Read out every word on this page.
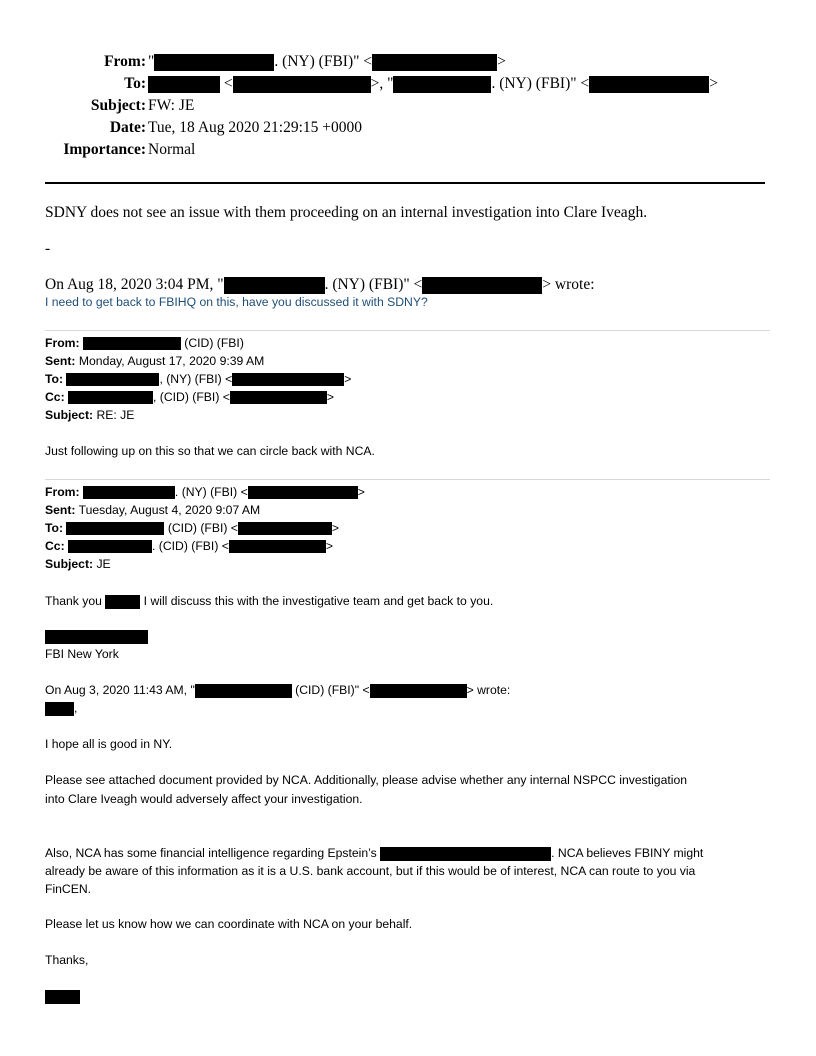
From: "	. (NY) (FBI)" <	>
To:	<	>, "	. (NY) (FBI)" <	>
Subject: FW: JE
Date: Tue, 18 Aug 2020 21:29:15 +0000
Importance: Normal
SDNY does not see an issue with them proceeding on an internal investigation into Clare Iveagh.
-
On Aug 18, 2020 3:04 PM, "	. (NY) (FBI)" <	> wrote:
I need to get back to FBIHQ on this, have you discussed it with SDNY?
From:	(CID) (FBI)
Sent: Monday, August 17, 2020 9:39 AM
To:	, (NY) (FBI) <	>
Cc:	, (CID) (FBI) <	>
Subject: RE: JE
Just following up on this so that we can circle back with NCA.
From:	. (NY) (FBI) <	>
Sent: Tuesday, August 4, 2020 9:07 AM
To:	(CID) (FBI) <	>
Cc:	. (CID) (FBI) <	>
Subject: JE
Thank you	I will discuss this with the investigative team and get back to you.
FBI New York
On Aug 3, 2020 11:43 AM, "	(CID) (FBI)" <	> wrote:
,
I hope all is good in NY.
Please see attached document provided by NCA. Additionally, please advise whether any internal NSPCC investigation
into Clare Iveagh would adversely affect your investigation.
Also, NCA has some financial intelligence regarding Epstein’s	. NCA believes FBINY might
already be aware of this information as it is a U.S. bank account, but if this would be of interest, NCA can route to you via
FinCEN.
Please let us know how we can coordinate with NCA on your behalf.
Thanks,
